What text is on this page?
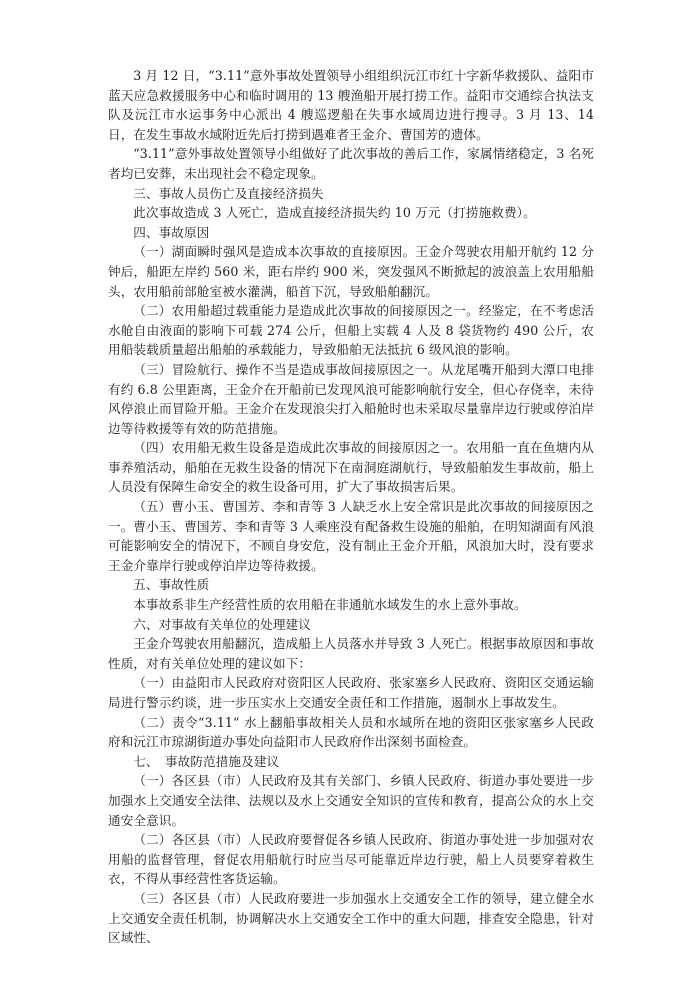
3 月 12 日，“3.11”意外事故处置领导小组组织沅江市红十字新华救援队、益阳市蓝天应急救援服务中心和临时调用的 13 艘渔船开展打捞工作。益阳市交通综合执法支队及沅江市水运事务中心派出 4 艘巡逻船在失事水域周边进行搜寻。3 月 13、14 日，在发生事故水域附近先后打捞到遇难者王金介、曹国芳的遗体。

“3.11”意外事故处置领导小组做好了此次事故的善后工作，家属情绪稳定，3 名死者均已安葬，未出现社会不稳定现象。

三、事故人员伤亡及直接经济损失

此次事故造成 3 人死亡，造成直接经济损失约 10 万元（打捞施救费）。

四、事故原因

（一）湖面瞬时强风是造成本次事故的直接原因。王金介驾驶农用船开航约 12 分钟后，船距左岸约 560 米，距右岸约 900 米，突发强风不断掀起的波浪盖上农用船船头，农用船前部舱室被水灌满，船首下沉，导致船舶翻沉。

（二）农用船超过载重能力是造成此次事故的间接原因之一。经鉴定，在不考虑活水舱自由液面的影响下可载 274 公斤，但船上实载 4 人及 8 袋货物约 490 公斤，农用船装载质量超出船舶的承载能力，导致船舶无法抵抗 6 级风浪的影响。

（三）冒险航行、操作不当是造成事故间接原因之一。从龙尾嘴开船到大潭口电排有约 6.8 公里距离，王金介在开船前已发现风浪可能影响航行安全，但心存侥幸，未待风停浪止而冒险开船。王金介在发现浪尖打入船舱时也未采取尽量靠岸边行驶或停泊岸边等待救援等有效的防范措施。

（四）农用船无救生设备是造成此次事故的间接原因之一。农用船一直在鱼塘内从事养殖活动，船舶在无救生设备的情况下在南洞庭湖航行，导致船舶发生事故前，船上人员没有保障生命安全的救生设备可用，扩大了事故损害后果。

（五）曹小玉、曹国芳、李和青等 3 人缺乏水上安全常识是此次事故的间接原因之一。曹小玉、曹国芳、李和青等 3 人乘座没有配备救生设施的船舶，在明知湖面有风浪可能影响安全的情况下，不顾自身安危，没有制止王金介开船，风浪加大时，没有要求王金介靠岸行驶或停泊岸边等待救援。

五、事故性质

本事故系非生产经营性质的农用船在非通航水域发生的水上意外事故。

六、对事故有关单位的处理建议

王金介驾驶农用船翻沉，造成船上人员落水并导致 3 人死亡。根据事故原因和事故性质，对有关单位处理的建议如下：

（一）由益阳市人民政府对资阳区人民政府、张家塞乡人民政府、资阳区交通运输局进行警示约谈，进一步压实水上交通安全责任和工作措施，遏制水上事故发生。

（二）责令“3.11” 水上翻船事故相关人员和水域所在地的资阳区张家塞乡人民政府和沅江市琼湖街道办事处向益阳市人民政府作出深刻书面检查。

七、　事故防范措施及建议

（一）各区县（市）人民政府及其有关部门、乡镇人民政府、街道办事处要进一步加强水上交通安全法律、法规以及水上交通安全知识的宣传和教育，提高公众的水上交通安全意识。

（二）各区县（市）人民政府要督促各乡镇人民政府、街道办事处进一步加强对农用船的监督管理，督促农用船航行时应当尽可能靠近岸边行驶，船上人员要穿着救生衣，不得从事经营性客货运输。

（三）各区县（市）人民政府要进一步加强水上交通安全工作的领导，建立健全水上交通安全责任机制，协调解决水上交通安全工作中的重大问题，排查安全隐患，针对区域性、
